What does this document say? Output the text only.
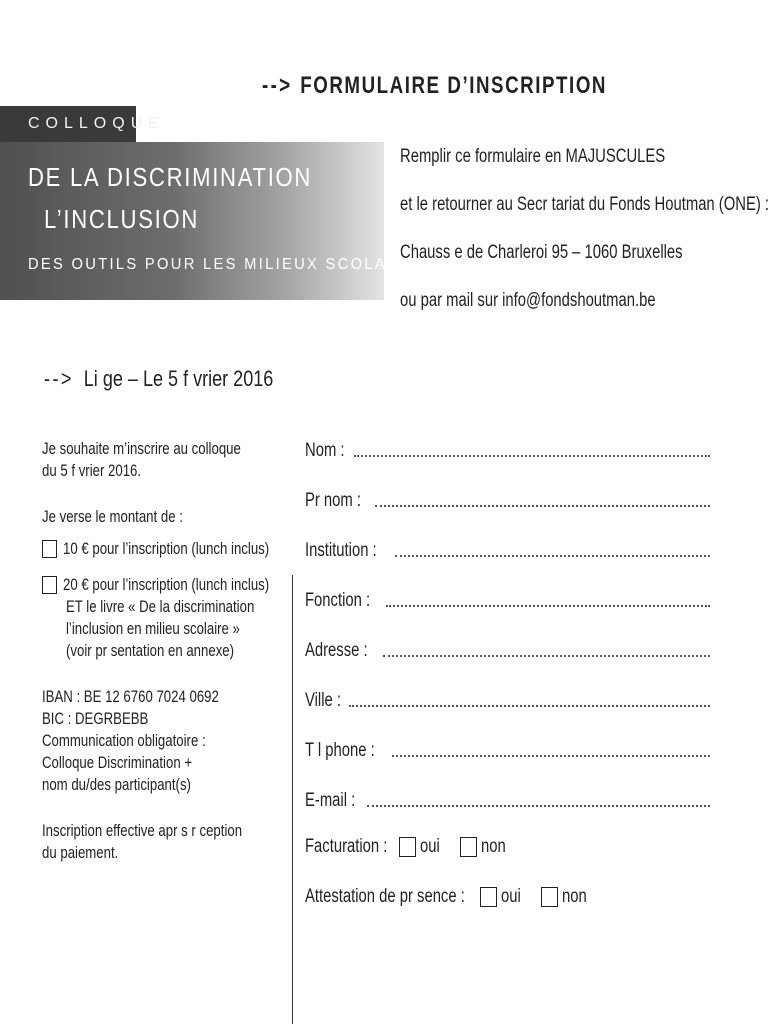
--> FORMULAIRE D’INSCRIPTION
COLLOQUE
DE LA DISCRIMINATION
L’INCLUSION
DES OUTILS POUR LES MILIEUX SCOLAIRES
Remplir ce formulaire en MAJUSCULES
et le retourner au Secr tariat du Fonds Houtman (ONE) :
Chauss e de Charleroi 95 – 1060 Bruxelles
ou par mail sur info@fondshoutman.be
--> Li ge – Le 5 f vrier 2016
Je souhaite m’inscrire au colloque
du 5 f vrier 2016.
Je verse le montant de :
10 € pour l’inscription (lunch inclus)
20 € pour l’inscription (lunch inclus)
ET le livre « De la discrimination
l’inclusion en milieu scolaire »
(voir pr sentation en annexe)
IBAN : BE 12 6760 7024 0692
BIC : DEGRBEBB
Communication obligatoire :
Colloque Discrimination +
nom du/des participant(s)
Inscription effective apr s r ception
du paiement.
Nom :
Pr nom :
Institution :
Fonction :
Adresse :
Ville :
T l phone :
E-mail :
Facturation : oui	non
Attestation de pr sence : oui	non
